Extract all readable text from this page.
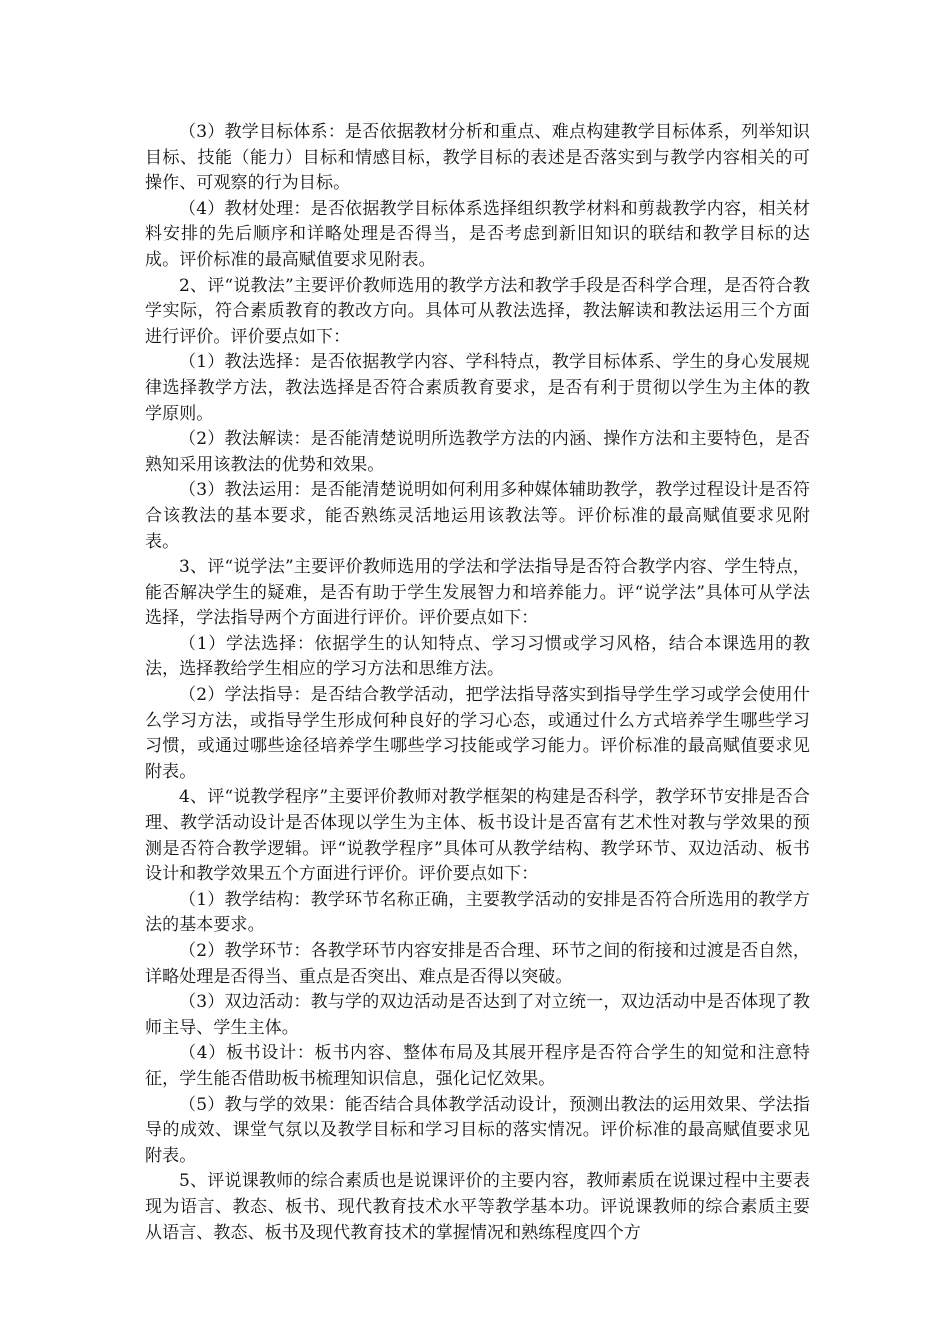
（3）教学目标体系：是否依据教材分析和重点、难点构建教学目标体系，列举知识目标、技能（能力）目标和情感目标，教学目标的表述是否落实到与教学内容相关的可操作、可观察的行为目标。

（4）教材处理：是否依据教学目标体系选择组织教学材料和剪裁教学内容，相关材料安排的先后顺序和详略处理是否得当，是否考虑到新旧知识的联结和教学目标的达成。评价标准的最高赋值要求见附表。

2、评“说教法”主要评价教师选用的教学方法和教学手段是否科学合理，是否符合教学实际，符合素质教育的教改方向。具体可从教法选择，教法解读和教法运用三个方面进行评价。评价要点如下：

（1）教法选择：是否依据教学内容、学科特点，教学目标体系、学生的身心发展规律选择教学方法，教法选择是否符合素质教育要求，是否有利于贯彻以学生为主体的教学原则。

（2）教法解读：是否能清楚说明所选教学方法的内涵、操作方法和主要特色，是否熟知采用该教法的优势和效果。

（3）教法运用：是否能清楚说明如何利用多种媒体辅助教学，教学过程设计是否符合该教法的基本要求，能否熟练灵活地运用该教法等。评价标准的最高赋值要求见附表。

3、评“说学法”主要评价教师选用的学法和学法指导是否符合教学内容、学生特点，能否解决学生的疑难，是否有助于学生发展智力和培养能力。评“说学法”具体可从学法选择，学法指导两个方面进行评价。评价要点如下：

（1）学法选择：依据学生的认知特点、学习习惯或学习风格，结合本课选用的教法，选择教给学生相应的学习方法和思维方法。

（2）学法指导：是否结合教学活动，把学法指导落实到指导学生学习或学会使用什么学习方法，或指导学生形成何种良好的学习心态，或通过什么方式培养学生哪些学习习惯，或通过哪些途径培养学生哪些学习技能或学习能力。评价标准的最高赋值要求见附表。

4、评“说教学程序”主要评价教师对教学框架的构建是否科学，教学环节安排是否合理、教学活动设计是否体现以学生为主体、板书设计是否富有艺术性对教与学效果的预测是否符合教学逻辑。评“说教学程序”具体可从教学结构、教学环节、双边活动、板书设计和教学效果五个方面进行评价。评价要点如下：

（1）教学结构：教学环节名称正确，主要教学活动的安排是否符合所选用的教学方法的基本要求。

（2）教学环节：各教学环节内容安排是否合理、环节之间的衔接和过渡是否自然，详略处理是否得当、重点是否突出、难点是否得以突破。

（3）双边活动：教与学的双边活动是否达到了对立统一，双边活动中是否体现了教师主导、学生主体。

（4）板书设计：板书内容、整体布局及其展开程序是否符合学生的知觉和注意特征，学生能否借助板书梳理知识信息，强化记忆效果。

（5）教与学的效果：能否结合具体教学活动设计，预测出教法的运用效果、学法指导的成效、课堂气氛以及教学目标和学习目标的落实情况。评价标准的最高赋值要求见附表。

5、评说课教师的综合素质也是说课评价的主要内容，教师素质在说课过程中主要表现为语言、教态、板书、现代教育技术水平等教学基本功。评说课教师的综合素质主要从语言、教态、板书及现代教育技术的掌握情况和熟练程度四个方
